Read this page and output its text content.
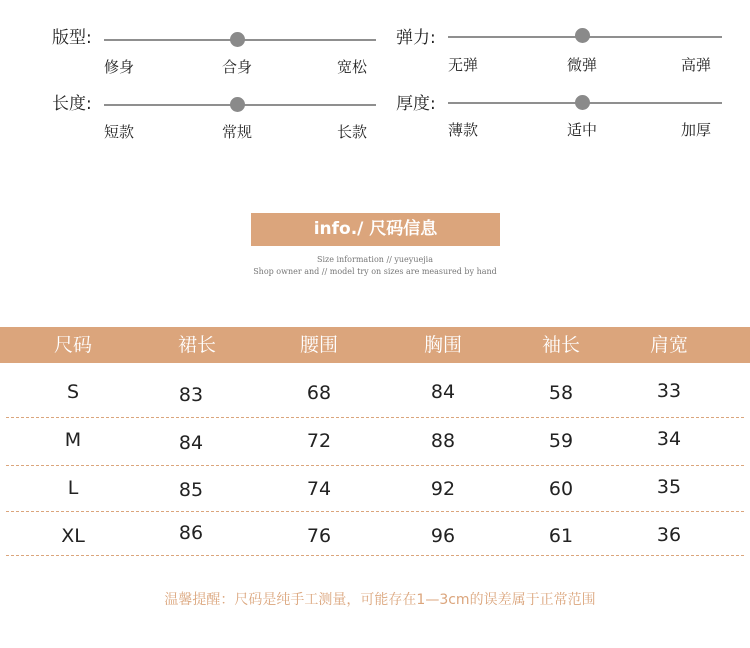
版型:
修身	合身	宽松
弹力:
无弹	微弹	高弹
长度:
短款	常规	长款
厚度:
薄款	适中	加厚
info./ 尺码信息
Size information // yueyuejia
Shop owner and // model try on sizes are measured by hand
尺码	裙长	腰围	胸围	袖长	肩宽
S	83	68	84	58	33
M	84	72	88	59	34
L	85	74	92	60	35
XL	86	76	96	61	36
温馨提醒：尺码是纯手工测量，可能存在1—3cm的误差属于正常范围
